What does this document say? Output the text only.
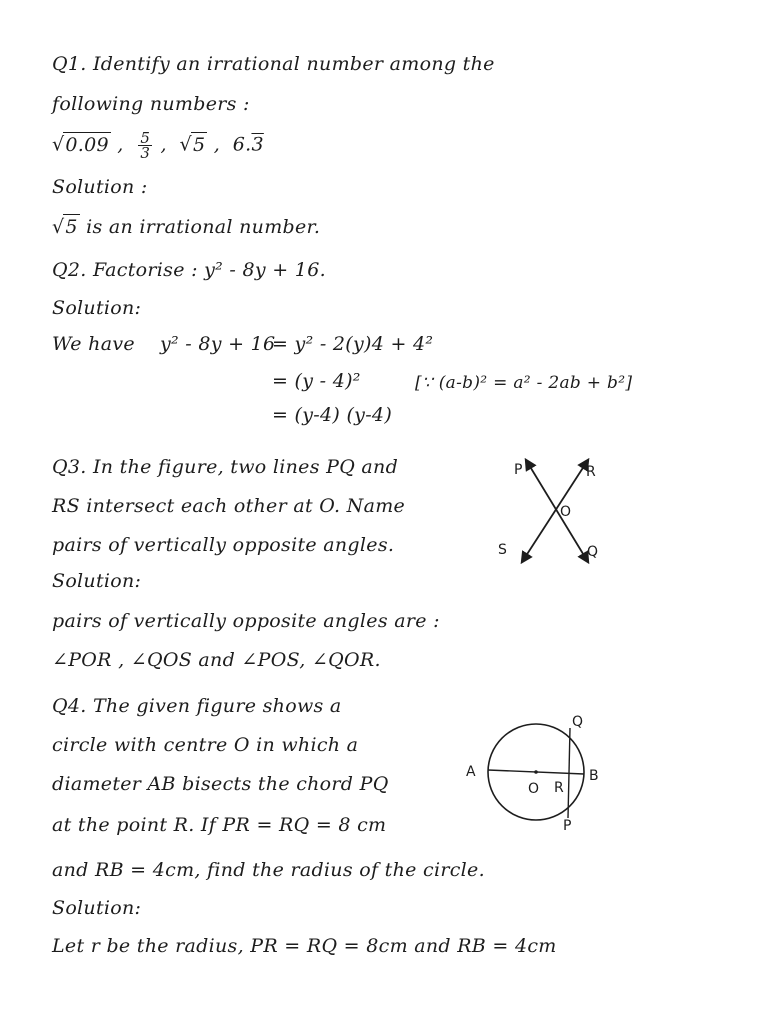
Q1. Identify an irrational number among the
following numbers :
√0.09 , $\frac{5}{3}$ ,  √5 ,  6.3
Solution :
√5 is an irrational number.
Q2. Factorise : y² - 8y + 16.
Solution:
We have y² - 8y + 16
= y² - 2(y)4 + 4²
= (y - 4)²	[∵ (a-b)² = a² - 2ab + b²]
= (y-4) (y-4)
Q3. In the figure, two lines PQ and
RS intersect each other at O. Name
pairs of vertically opposite angles.
Solution:
pairs of vertically opposite angles are :
∠POR , ∠QOS and ∠POS, ∠QOR.
P	R
O
S	Q
Q4. The given figure shows a
circle with centre O in which a
diameter AB bisects the chord PQ
at the point R. If PR = RQ = 8 cm
and RB = 4cm, find the radius of the circle.
Solution:
Let r be the radius, PR = RQ = 8cm and RB = 4cm
Q
A	B
O R
P
